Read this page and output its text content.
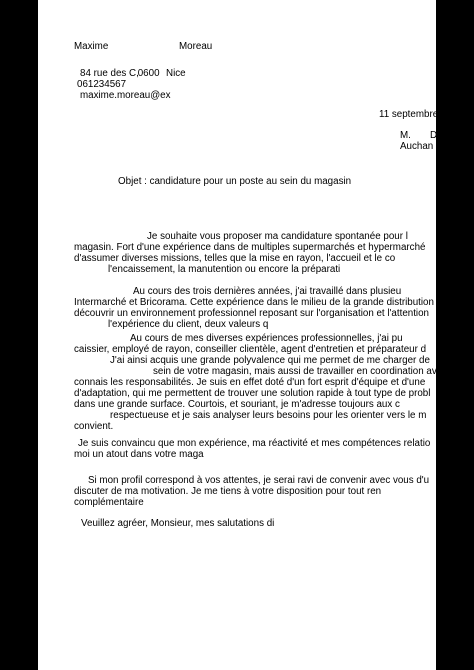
Maxime	Moreau
84 rue des C,
0600 Nice
061234567
maxime.moreau@ex
11 septembre
M. D
Auchan l
Objet : candidature pour un poste au sein du magasin
Je souhaite vous proposer ma candidature spontanée pour l
magasin. Fort d'une expérience dans de multiples supermarchés et hypermarché
d'assumer diverses missions, telles que la mise en rayon, l'accueil et le co
l'encaissement, la manutention ou encore la préparati
Au cours des trois dernières années, j'ai travaillé dans plusieu
Intermarché et Bricorama. Cette expérience dans le milieu de la grande distribution
découvrir un environnement professionnel reposant sur l'organisation et l'attention
l'expérience du client, deux valeurs q
Au cours de mes diverses expériences professionnelles, j'ai pu
caissier, employé de rayon, conseiller clientèle, agent d'entretien et préparateur d
J'ai ainsi acquis une grande polyvalence qui me permet de me charger de
sein de votre magasin, mais aussi de travailler en coordination av
connais les responsabilités. Je suis en effet doté d'un fort esprit d'équipe et d'une
d'adaptation, qui me permettent de trouver une solution rapide à tout type de probl
dans une grande surface. Courtois, et souriant, je m'adresse toujours aux c
respectueuse et je sais analyser leurs besoins pour les orienter vers le m
convient.
Je suis convaincu que mon expérience, ma réactivité et mes compétences relatio
moi un atout dans votre maga
Si mon profil correspond à vos attentes, je serai ravi de convenir avec vous d'u
discuter de ma motivation. Je me tiens à votre disposition pour tout ren
complémentaire
Veuillez agréer, Monsieur, mes salutations di
